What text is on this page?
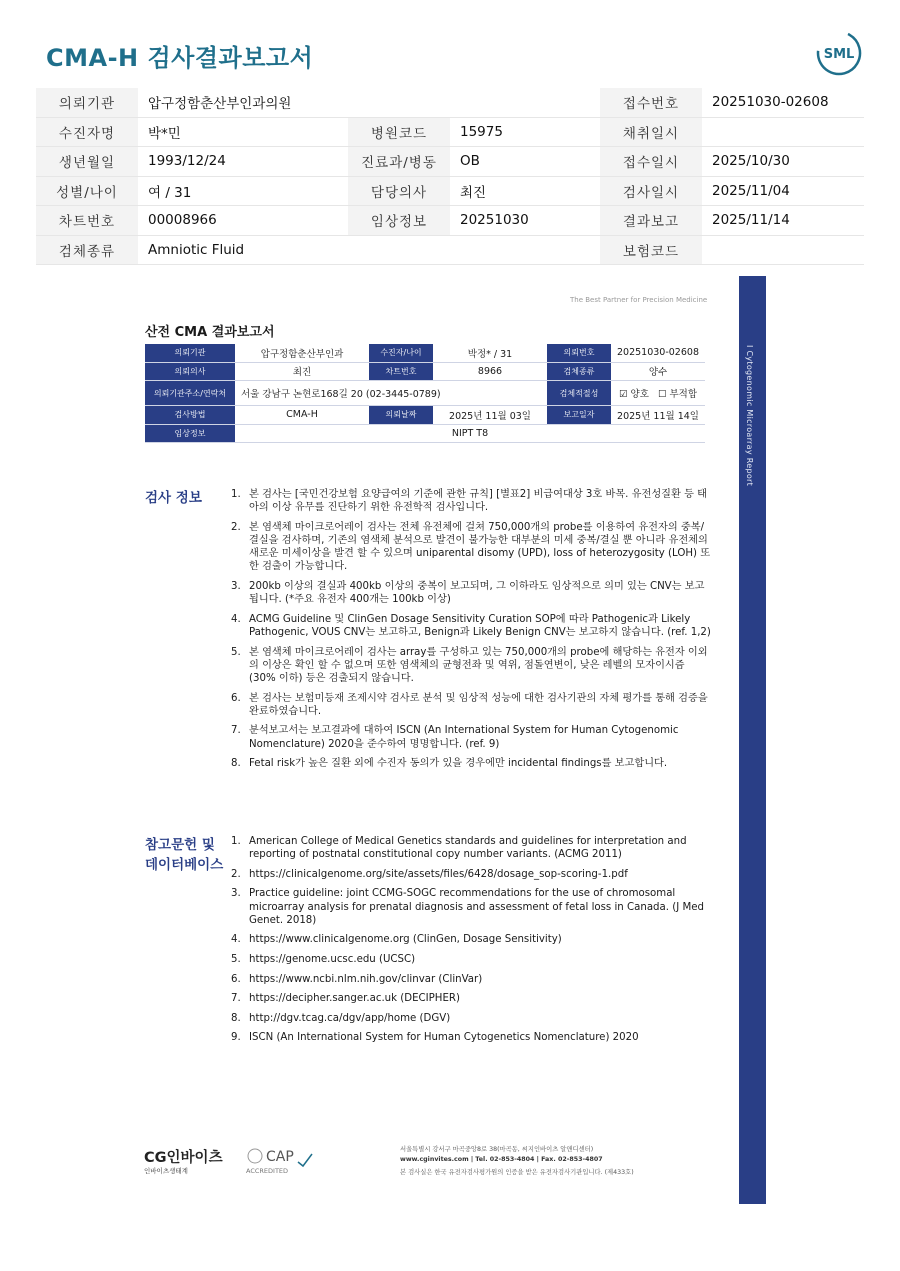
CMA-H 검사결과보고서	SML
의뢰기관	압구정함춘산부인과의원			접수번호	20251030-02608
수진자명	박*민	병원코드	15975	채취일시	
생년월일	1993/12/24	진료과/병동	OB	접수일시	2025/10/30
성별/나이	여 / 31	담당의사	최진	검사일시	2025/11/04
차트번호	00008966	임상정보	20251030	결과보고	2025/11/14
검체종류	Amniotic Fluid			보험코드	
I Cytogenomic Microarray Report
The Best Partner for Precision Medicine
산전 CMA 결과보고서
의뢰기관	압구정함춘산부인과	수진자/나이	박정* / 31	의뢰번호	20251030-02608
의뢰의사	최진	차트번호	8966	검체종류	양수
의뢰기관주소/연락처	서울 강남구 논현로168길 20 (02-3445-0789)			검체적절성	☑ 양호 ☐ 부적합
검사방법	CMA-H	의뢰날짜	2025년 11월 03일	보고일자	2025년 11월 14일
임상정보	NIPT T8				
검사 정보	1. 본 검사는 [국민건강보험 요양급여의 기준에 관한 규칙] [별표2] 비급여대상 3호 바목. 유전성질환 등 태아의 이상 유무를 진단하기 위한 유전학적 검사입니다.
2. 본 염색체 마이크로어레이 검사는 전체 유전체에 걸쳐 750,000개의 probe를 이용하여 유전자의 중복/결실을 검사하며, 기존의 염색체 분석으로 발견이 불가능한 대부분의 미세 중복/결실 뿐 아니라 유전체의 새로운 미세이상을 발견 할 수 있으며 uniparental disomy (UPD), loss of heterozygosity (LOH) 또한 검출이 가능합니다.
3. 200kb 이상의 결실과 400kb 이상의 중복이 보고되며, 그 이하라도 임상적으로 의미 있는 CNV는 보고됩니다. (*주요 유전자 400개는 100kb 이상)
4. ACMG Guideline 및 ClinGen Dosage Sensitivity Curation SOP에 따라 Pathogenic과 Likely Pathogenic, VOUS CNV는 보고하고, Benign과 Likely Benign CNV는 보고하지 않습니다. (ref. 1,2)
5. 본 염색체 마이크로어레이 검사는 array를 구성하고 있는 750,000개의 probe에 해당하는 유전자 이외의 이상은 확인 할 수 없으며 또한 염색체의 균형전좌 및 역위, 점돌연변이, 낮은 레벨의 모자이시즘 (30% 이하) 등은 검출되지 않습니다.
6. 본 검사는 보험미등재 조제시약 검사로 분석 및 임상적 성능에 대한 검사기관의 자체 평가를 통해 검증을 완료하였습니다.
7. 분석보고서는 보고결과에 대하여 ISCN (An International System for Human Cytogenomic Nomenclature) 2020을 준수하여 명명합니다. (ref. 9)
8. Fetal risk가 높은 질환 외에 수진자 동의가 있을 경우에만 incidental findings를 보고합니다.
참고문헌 및
데이터베이스
1. American College of Medical Genetics standards and guidelines for interpretation and reporting of postnatal constitutional copy number variants. (ACMG 2011)
2. https://clinicalgenome.org/site/assets/files/6428/dosage_sop-scoring-1.pdf
3. Practice guideline: joint CCMG-SOGC recommendations for the use of chromosomal microarray analysis for prenatal diagnosis and assessment of fetal loss in Canada. (J Med Genet. 2018)
4. https://www.clinicalgenome.org (ClinGen, Dosage Sensitivity)
5. https://genome.ucsc.edu (UCSC)
6. https://www.ncbi.nlm.nih.gov/clinvar (ClinVar)
7. https://decipher.sanger.ac.uk (DECIPHER)
8. http://dgv.tcag.ca/dgv/app/home (DGV)
9. ISCN (An International System for Human Cytogenetics Nomenclature) 2020
CG인바이츠
인바이츠생태계
CAP
ACCREDITED
서울특별시 강서구 마곡중앙8로 38(마곡동, 씨지인바이츠 알앤디센터)
www.cginvites.com | Tel. 02-853-4804 | Fax. 02-853-4807
본 검사실은 한국 유전자검사평가원의 인증을 받은 유전자검사기관입니다. (제433호)
